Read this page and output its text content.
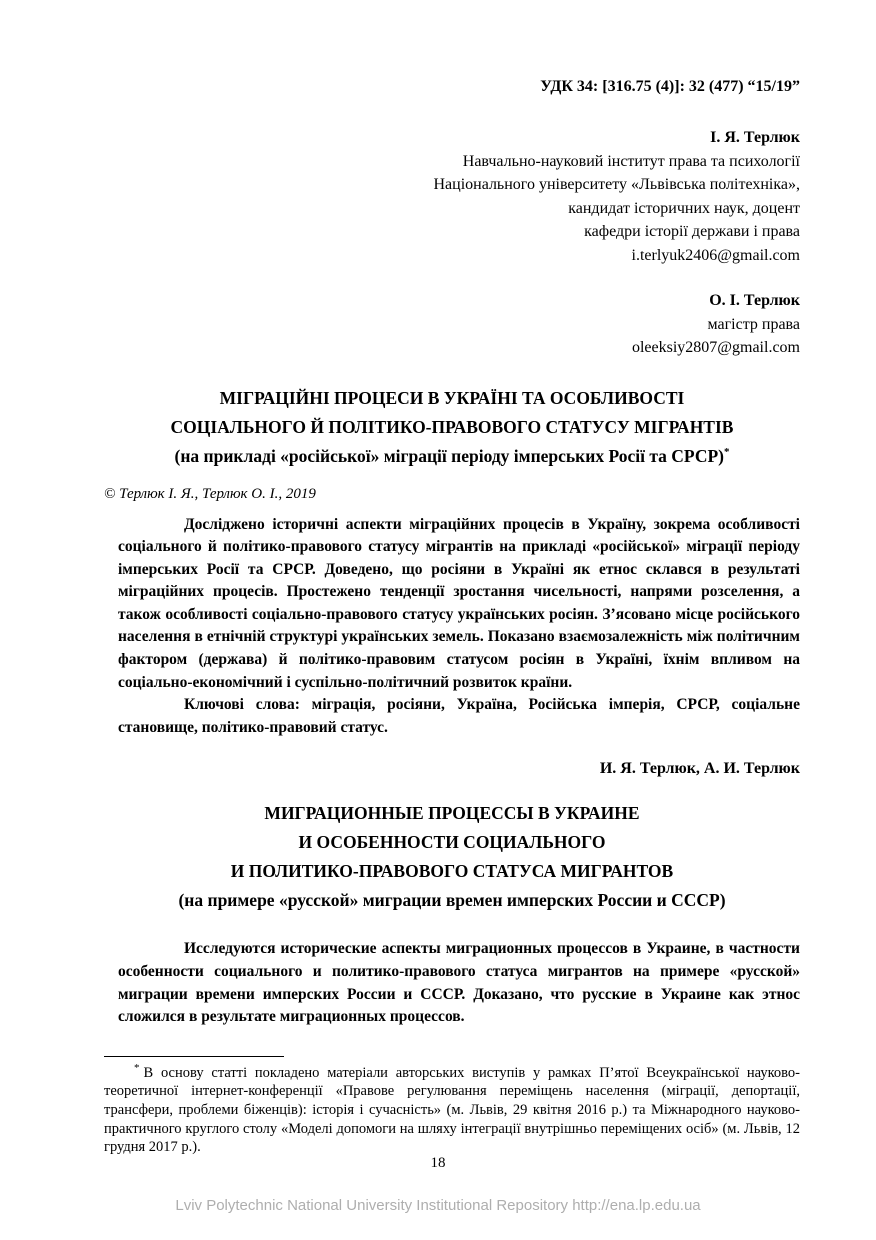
УДК 34: [316.75 (4)]: 32 (477) “15/19”
І. Я. Терлюк
Навчально-науковий інститут права та психології
Національного університету «Львівська політехніка»,
кандидат історичних наук, доцент
кафедри історії держави і права
i.terlyuk2406@gmail.com
О. І. Терлюк
магістр права
oleeksiy2807@gmail.com
МІГРАЦІЙНІ ПРОЦЕСИ В УКРАЇНІ ТА ОСОБЛИВОСТІ
СОЦІАЛЬНОГО Й ПОЛІТИКО-ПРАВОВОГО СТАТУСУ МІГРАНТІВ
(на прикладі «російської» міграції періоду імперських Росії та СРСР)*
© Терлюк І. Я., Терлюк О. І., 2019

Досліджено історичні аспекти міграційних процесів в Україну, зокрема особливості соціального й політико-правового статусу мігрантів на прикладі «російської» міграції періоду імперських Росії та СРСР. Доведено, що росіяни в Україні як етнос склався в результаті міграційних процесів. Простежено тенденції зростання чисельності, напрями розселення, а також особливості соціально-правового статусу українських росіян. З’ясовано місце російського населення в етнічній структурі українських земель. Показано взаємозалежність між політичним фактором (держава) й політико-правовим статусом росіян в Україні, їхнім впливом на соціально-економічний і суспільно-політичний розвиток країни.

Ключові слова: міграція, росіяни, Україна, Російська імперія, СРСР, соціальне становище, політико-правовий статус.

И. Я. Терлюк, А. И. Терлюк
МИГРАЦИОННЫЕ ПРОЦЕССЫ В УКРАИНЕ
И ОСОБЕННОСТИ СОЦИАЛЬНОГО
И ПОЛИТИКО-ПРАВОВОГО СТАТУСА МИГРАНТОВ
(на примере «русской» миграции времен имперских России и СССР)

Исследуются исторические аспекты миграционных процессов в Украине, в частности особенности социального и политико-правового статуса мигрантов на примере «русской» миграции времени имперских России и СССР. Доказано, что русские в Украине как этнос сложился в результате миграционных процессов.

* В основу статті покладено матеріали авторських виступів у рамках П’ятої Всеукраїнської науково-теоретичної інтернет-конференції «Правове регулювання переміщень населення (міграції, депортації, трансфери, проблеми біженців): історія і сучасність» (м. Львів, 29 квітня 2016 р.) та Міжнародного науково-практичного круглого столу «Моделі допомоги на шляху інтеграції внутрішньо переміщених осіб» (м. Львів, 12 грудня 2017 р.).

18
Lviv Polytechnic National University Institutional Repository http://ena.lp.edu.ua
